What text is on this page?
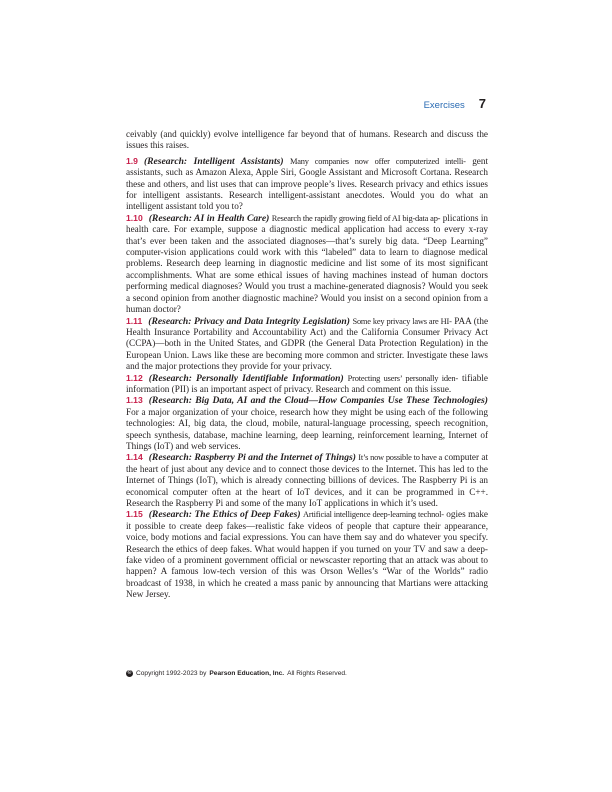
Exercises 7

ceivably (and quickly) evolve intelligence far beyond that of humans. Research and discuss the issues this raises.

1.9 (Research: Intelligent Assistants) Many companies now offer computerized intelli- gent assistants, such as Amazon Alexa, Apple Siri, Google Assistant and Microsoft Cortana. Research these and others, and list uses that can improve people’s lives. Research privacy and ethics issues for intelligent assistants. Research intelligent-assistant anecdotes. Would you do what an intelligent assistant told you to?

1.10 (Research: AI in Health Care) Research the rapidly growing field of AI big-data ap- plications in health care. For example, suppose a diagnostic medical application had access to every x-ray that’s ever been taken and the associated diagnoses—that’s surely big data. “Deep Learning” computer-vision applications could work with this “labeled” data to learn to diagnose medical problems. Research deep learning in diagnostic medicine and list some of its most significant accomplishments. What are some ethical issues of having machines instead of human doctors performing medical diagnoses? Would you trust a machine-generated diagnosis? Would you seek a second opinion from another diagnostic machine? Would you insist on a second opinion from a human doctor?

1.11 (Research: Privacy and Data Integrity Legislation) Some key privacy laws are HI- PAA (the Health Insurance Portability and Accountability Act) and the California Consumer Privacy Act (CCPA)—both in the United States, and GDPR (the General Data Protection Regulation) in the European Union. Laws like these are becoming more common and stricter. Investigate these laws and the major protections they provide for your privacy.

1.12 (Research: Personally Identifiable Information) Protecting users’ personally iden- tifiable information (PII) is an important aspect of privacy. Research and comment on this issue.

1.13 (Research: Big Data, AI and the Cloud—How Companies Use These Technologies) For a major organization of your choice, research how they might be using each of the following technologies: AI, big data, the cloud, mobile, natural-language processing, speech recognition, speech synthesis, database, machine learning, deep learning, reinforcement learning, Internet of Things (IoT) and web services.

1.14 (Research: Raspberry Pi and the Internet of Things) It’s now possible to have a computer at the heart of just about any device and to connect those devices to the Internet. This has led to the Internet of Things (IoT), which is already connecting billions of devices. The Raspberry Pi is an economical computer often at the heart of IoT devices, and it can be programmed in C++. Research the Raspberry Pi and some of the many IoT applications in which it’s used.

1.15 (Research: The Ethics of Deep Fakes) Artificial intelligence deep-learning technol- ogies make it possible to create deep fakes—realistic fake videos of people that capture their appearance, voice, body motions and facial expressions. You can have them say and do whatever you specify. Research the ethics of deep fakes. What would happen if you turned on your TV and saw a deep-fake video of a prominent government official or newscaster reporting that an attack was about to happen? A famous low-tech version of this was Orson Welles’s “War of the Worlds” radio broadcast of 1938, in which he created a mass panic by announcing that Martians were attacking New Jersey.

© Copyright 1992-2023 by Pearson Education, Inc. All Rights Reserved.
